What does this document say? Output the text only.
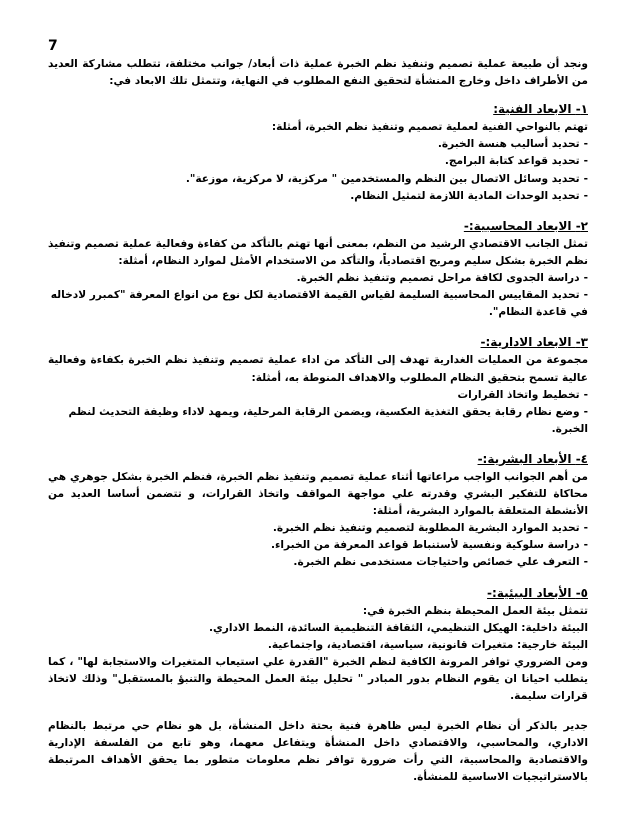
7

ونجد أن طبيعة عملية تصميم وتنفيذ نظم الخبرة عملية ذات أبعاد/ جوانب مختلفة، تتطلب مشاركة العديد من الأطراف داخل وخارج المنشأة لتحقيق النفع المطلوب في النهاية، وتتمثل تلك الابعاد في:

١- الابعاد الفنية:

تهتم بالنواحي الفنية لعملية تصميم وتنفيذ نظم الخبرة، أمثلة:

-تحديد أساليب هنسة الخبرة.
-تحديد قواعد كتابة البرامج.
-تحديد وسائل الاتصال بين النظم والمستخدمين " مركزية، لا مركزية، موزعة".
-تحديد الوحدات المادية اللازمة لتمثيل النظام.
٢- الابعاد المحاسبية:-

تمثل الجانب الاقتصادي الرشيد من النظم، بمعنى أنها تهتم بالتأكد من كفاءة وفعالية عملية تصميم وتنفيذ نظم الخبرة بشكل سليم ومربح اقتصادياً، والتأكد من الاستخدام الأمثل لموارد النظام، أمثلة:

-دراسة الجدوى لكافة مراحل تصميم وتنفيذ نظم الخبرة.
-تحديد المقاييس المحاسبية السليمة لقياس القيمة الاقتصادية لكل نوع من انواع المعرفة "كمبرر لادخاله في قاعدة النظام".
٣- الابعاد الادارية:-

مجموعة من العمليات الغدارية تهدف إلى التأكد من اداء عملية تصميم وتنفيذ نظم الخبرة بكفاءة وفعالية عالية تسمح بتحقيق النظام المطلوب والاهداف المنوطة به، أمثلة:

-تخطيط واتخاذ القرارات
-وضع نظام رقابة يحقق التغذية العكسية، ويضمن الرقابة المرحلية، ويمهد لاداء وظيفة التحديث لنظم الخبرة.
٤- الأبعاد البشرية:-

من أهم الجوانب الواجب مراعاتها أثناء عملية تصميم وتنفيذ نظم الخبرة، فنظم الخبرة بشكل جوهري هي محاكاة للتفكير البشري وقدرته علي مواجهة المواقف واتخاذ القرارات، و تتضمن أساسا العديد من الأنشطة المتعلقة بالموارد البشرية، أمثلة:

-تحديد الموارد البشرية المطلوبة لتصميم وتنفيذ نظم الخبرة.
-دراسة سلوكية ونفسية لأستنباط قواعد المعرفة من الخبراء.
-التعرف علي خصائص واحتياجات مستخدمى نظم الخبرة.
٥- الأبعاد البيئية:-

تتمثل بيئة العمل المحيطة بنظم الخبرة في:

البيئة داخلية: الهيكل التنظيمي، الثقافة التنظيمية السائدة، النمط الاداري.

البيئة خارجية: متغيرات قانونية، سياسية، اقتصادية، واجتماعية.

ومن الضروري توافر المرونة الكافية لنظم الخبرة "القدرة علي استيعاب المتغيرات والاستجابة لها" ، كما يتطلب احيانا ان يقوم النظام بدور المبادر " تحليل بيئة العمل المحيطة والتنبؤ بالمستقبل" وذلك لاتخاذ قرارات سليمة.

جدير بالذكر أن نظام الخبرة ليس ظاهرة فنية بحتة داخل المنشأة، بل هو نظام حي مرتبط بالنظام الاداري، والمحاسبي، والاقتصادي داخل المنشأة ويتفاعل معهما، وهو تابع من الفلسفة الإدارية والاقتصادية والمحاسبية، التي رأت ضرورة توافر نظم معلومات متطور بما يحقق الأهداف المرتبطة بالاستراتيجيات الاساسية للمنشأة.
